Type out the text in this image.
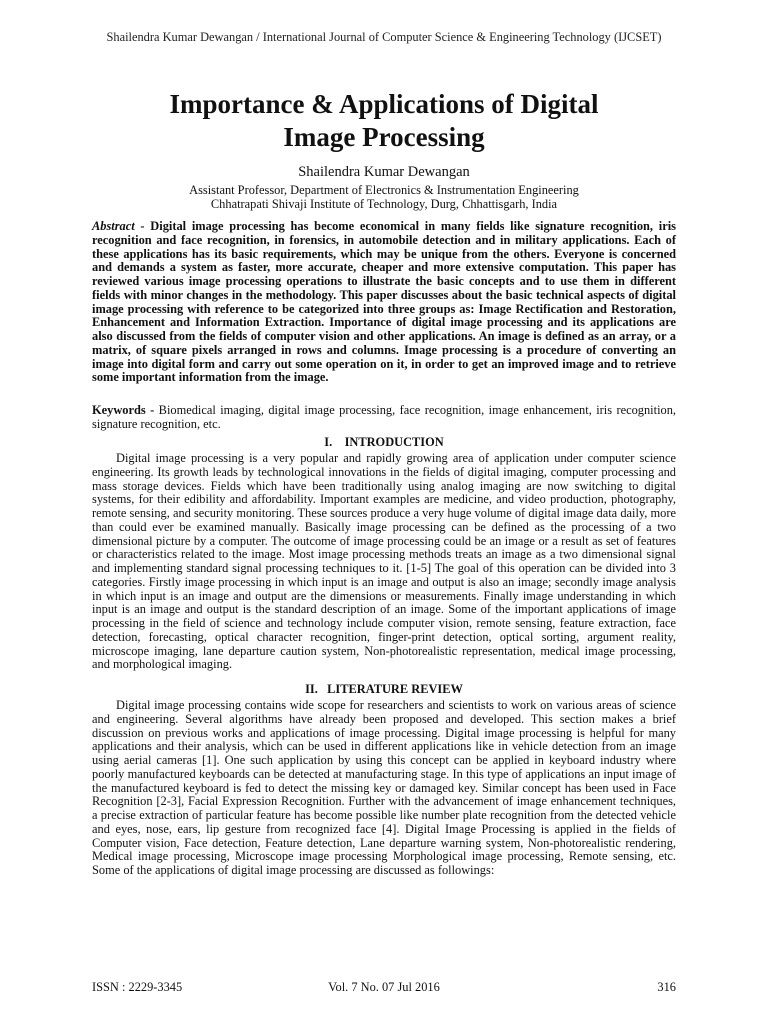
Shailendra Kumar Dewangan / International Journal of Computer Science & Engineering Technology (IJCSET)
Importance & Applications of Digital
Image Processing
Shailendra Kumar Dewangan
Assistant Professor, Department of Electronics & Instrumentation Engineering
Chhatrapati Shivaji Institute of Technology, Durg, Chhattisgarh, India

Abstract - Digital image processing has become economical in many fields like signature recognition, iris recognition and face recognition, in forensics, in automobile detection and in military applications. Each of these applications has its basic requirements, which may be unique from the others. Everyone is concerned and demands a system as faster, more accurate, cheaper and more extensive computation. This paper has reviewed various image processing operations to illustrate the basic concepts and to use them in different fields with minor changes in the methodology. This paper discusses about the basic technical aspects of digital image processing with reference to be categorized into three groups as: Image Rectification and Restoration, Enhancement and Information Extraction. Importance of digital image processing and its applications are also discussed from the fields of computer vision and other applications. An image is defined as an array, or a matrix, of square pixels arranged in rows and columns. Image processing is a procedure of converting an image into digital form and carry out some operation on it, in order to get an improved image and to retrieve some important information from the image.

Keywords - Biomedical imaging, digital image processing, face recognition, image enhancement, iris recognition, signature recognition, etc.

I.    INTRODUCTION

Digital image processing is a very popular and rapidly growing area of application under computer science engineering. Its growth leads by technological innovations in the fields of digital imaging, computer processing and mass storage devices. Fields which have been traditionally using analog imaging are now switching to digital systems, for their edibility and affordability. Important examples are medicine, and video production, photography, remote sensing, and security monitoring. These sources produce a very huge volume of digital image data daily, more than could ever be examined manually. Basically image processing can be defined as the processing of a two dimensional picture by a computer. The outcome of image processing could be an image or a result as set of features or characteristics related to the image. Most image processing methods treats an image as a two dimensional signal and implementing standard signal processing techniques to it. [1-5] The goal of this operation can be divided into 3 categories. Firstly image processing in which input is an image and output is also an image; secondly image analysis in which input is an image and output are the dimensions or measurements. Finally image understanding in which input is an image and output is the standard description of an image. Some of the important applications of image processing in the field of science and technology include computer vision, remote sensing, feature extraction, face detection, forecasting, optical character recognition, finger-print detection, optical sorting, argument reality, microscope imaging, lane departure caution system, Non-photorealistic representation, medical image processing, and morphological imaging.

II.   LITERATURE REVIEW

Digital image processing contains wide scope for researchers and scientists to work on various areas of science and engineering. Several algorithms have already been proposed and developed. This section makes a brief discussion on previous works and applications of image processing. Digital image processing is helpful for many applications and their analysis, which can be used in different applications like in vehicle detection from an image using aerial cameras [1]. One such application by using this concept can be applied in keyboard industry where poorly manufactured keyboards can be detected at manufacturing stage. In this type of applications an input image of the manufactured keyboard is fed to detect the missing key or damaged key. Similar concept has been used in Face Recognition [2-3], Facial Expression Recognition. Further with the advancement of image enhancement techniques, a precise extraction of particular feature has become possible like number plate recognition from the detected vehicle and eyes, nose, ears, lip gesture from recognized face [4]. Digital Image Processing is applied in the fields of Computer vision, Face detection, Feature detection, Lane departure warning system, Non-photorealistic rendering, Medical image processing, Microscope image processing Morphological image processing, Remote sensing, etc. Some of the applications of digital image processing are discussed as followings:

ISSN : 2229-3345	Vol. 7 No. 07 Jul 2016	316
